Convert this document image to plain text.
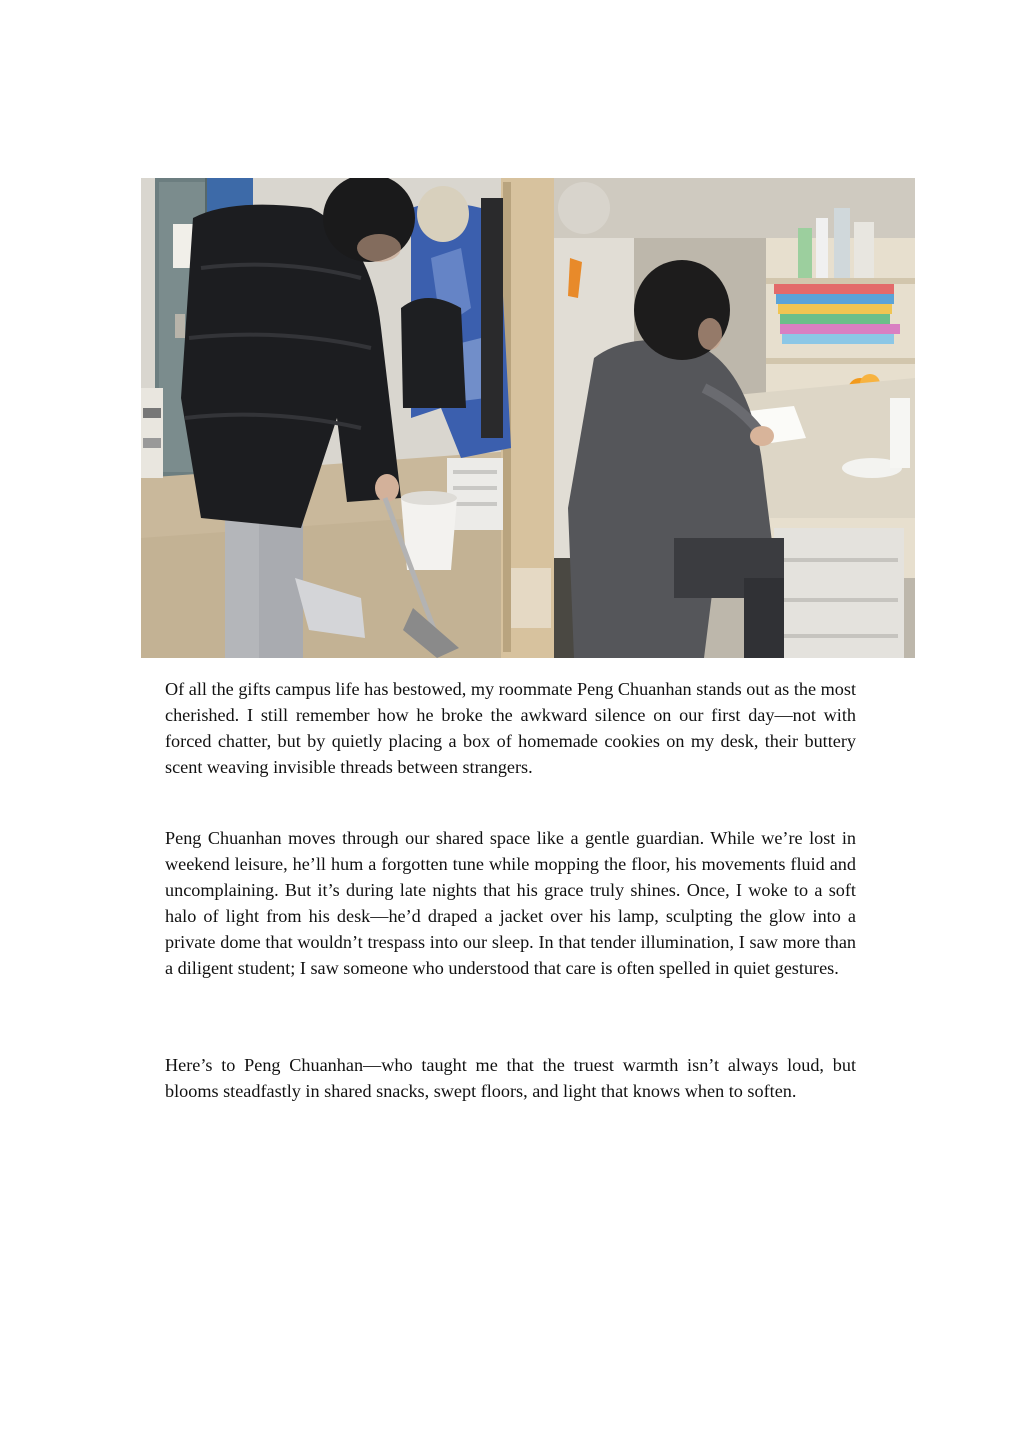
Of all the gifts campus life has bestowed, my roommate Peng Chuanhan stands out as the most cherished. I still remember how he broke the awkward silence on our first day—not with forced chatter, but by quietly placing a box of homemade cookies on my desk, their buttery scent weaving invisible threads between strangers.

Peng Chuanhan moves through our shared space like a gentle guardian. While we’re lost in weekend leisure, he’ll hum a forgotten tune while mopping the floor, his movements fluid and uncomplaining. But it’s during late nights that his grace truly shines. Once, I woke to a soft halo of light from his desk—he’d draped a jacket over his lamp, sculpting the glow into a private dome that wouldn’t trespass into our sleep. In that tender illumination, I saw more than a diligent student; I saw someone who understood that care is often spelled in quiet gestures.

Here’s to Peng Chuanhan—who taught me that the truest warmth isn’t always loud, but blooms steadfastly in shared snacks, swept floors, and light that knows when to soften.
